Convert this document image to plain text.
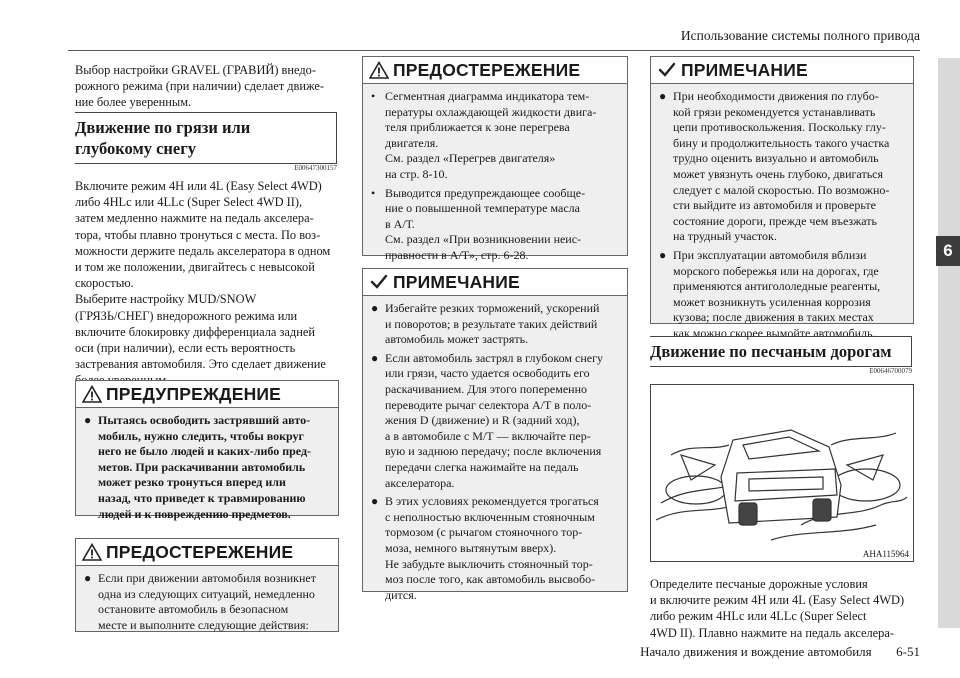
Использование системы полного привода
6

Выбор настройки GRAVEL (ГРАВИЙ) внедо-
рожного режима (при наличии) сделает движе-
ние более уверенным.

Движение по грязи или
глубокому снегу
E00647300157

Включите режим 4H или 4L (Easy Select 4WD)
либо 4HLc или 4LLc (Super Select 4WD II),
затем медленно нажмите на педаль акселера-
тора, чтобы плавно тронуться с места. По воз-
можности держите педаль акселератора в одном
и том же положении, двигайтесь с невысокой
скоростью.
Выберите настройку MUD/SNOW
(ГРЯЗЬ/СНЕГ) внедорожного режима или
включите блокировку дифференциала задней
оси (при наличии), если есть вероятность
застревания автомобиля. Это сделает движение

ПРЕДУПРЕЖДЕНИЕ
● Пытаясь освободить застрявший авто-
мобиль, нужно следить, чтобы вокруг
него не было людей и каких-либо пред-
метов. При раскачивании автомобиль
может резко тронуться вперед или
назад, что приведет к травмированию
людей и к повреждению предметов.
ПРЕДОСТЕРЕЖЕНИЕ
● Если при движении автомобиля возникнет
одна из следующих ситуаций, немедленно
остановите автомобиль в безопасном
месте и выполните следующие действия:
ПРЕДОСТЕРЕЖЕНИЕ
• Сегментная диаграмма индикатора тем-
пературы охлаждающей жидкости двига-
теля приближается к зоне перегрева
двигателя.
См. раздел «Перегрев двигателя»
на стр. 8-10.
• Выводится предупреждающее сообще-
ние о повышенной температуре масла
в А/Т.
См. раздел «При возникновении неис-
правности в А/Т», стр. 6-28.
ПРИМЕЧАНИЕ
● Избегайте резких торможений, ускорений
и поворотов; в результате таких действий
автомобиль может застрять.
● Если автомобиль застрял в глубоком снегу
или грязи, часто удается освободить его
раскачиванием. Для этого попеременно
переводите рычаг селектора А/Т в поло-
жения D (движение) и R (задний ход),
а в автомобиле с М/Т — включайте пер-
вую и заднюю передачу; после включения
передачи слегка нажимайте на педаль
акселератора.
● В этих условиях рекомендуется трогаться
с неполностью включенным стояночным
тормозом (с рычагом стояночного тор-
моза, немного вытянутым вверх).
Не забудьте выключить стояночный тор-
моз после того, как автомобиль высвобо-
дится.
ПРИМЕЧАНИЕ
● При необходимости движения по глубо-
кой грязи рекомендуется устанавливать
цепи противоскольжения. Поскольку глу-
бину и продолжительность такого участка
трудно оценить визуально и автомобиль
может увязнуть очень глубоко, двигаться
следует с малой скоростью. По возможно-
сти выйдите из автомобиля и проверьте
состояние дороги, прежде чем въезжать
на трудный участок.
● При эксплуатации автомобиля вблизи
морского побережья или на дорогах, где
применяются антигололедные реагенты,
может возникнуть усиленная коррозия
кузова; после движения в таких местах
как можно скорее вымойте автомобиль.
Движение по песчаным дорогам
E00646700079
AHA115964

Определите песчаные дорожные условия
и включите режим 4H или 4L (Easy Select 4WD)
либо режим 4HLc или 4LLc (Super Select
4WD II). Плавно нажмите на педаль акселера-

Начало движения и вождение автомобиля 6-51
